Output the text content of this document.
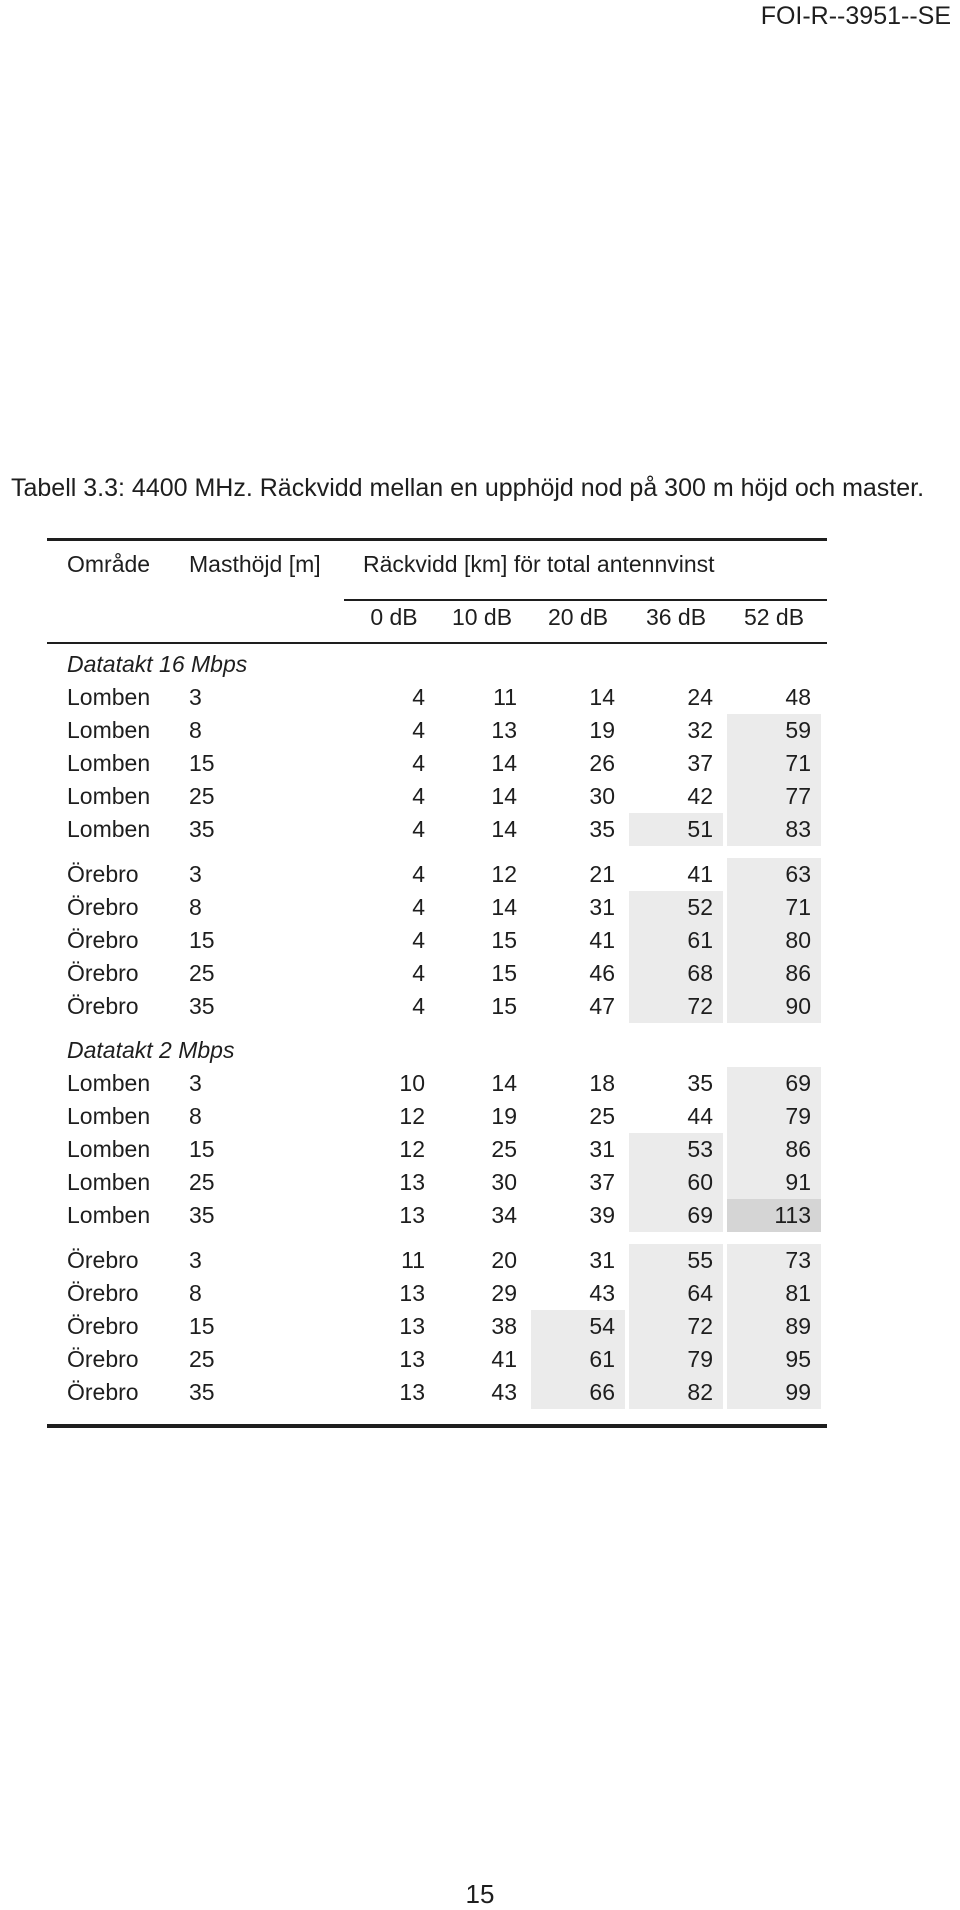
FOI-R--3951--SE
Tabell 3.3: 4400 MHz. Räckvidd mellan en upphöjd nod på 300 m höjd och master.
Område Masthöjd [m] Räckvidd [km] för total antennvinst
0 dB	10 dB	20 dB	36 dB	52 dB
Datatakt 16 Mbps
Lomben 3	4	11	14	24	48
Lomben 8	4	13	19	32	59
Lomben 15	4	14	26	37	71
Lomben 25	4	14	30	42	77
Lomben 35	4	14	35	51	83
Örebro 3	4	12	21	41	63
Örebro 8	4	14	31	52	71
Örebro 15	4	15	41	61	80
Örebro 25	4	15	46	68	86
Örebro 35	4	15	47	72	90
Datatakt 2 Mbps
Lomben 3	10	14	18	35	69
Lomben 8	12	19	25	44	79
Lomben 15	12	25	31	53	86
Lomben 25	13	30	37	60	91
Lomben 35	13	34	39	69	113
Örebro 3	11	20	31	55	73
Örebro 8	13	29	43	64	81
Örebro 15	13	38	54	72	89
Örebro 25	13	41	61	79	95
Örebro 35	13	43	66	82	99
15
